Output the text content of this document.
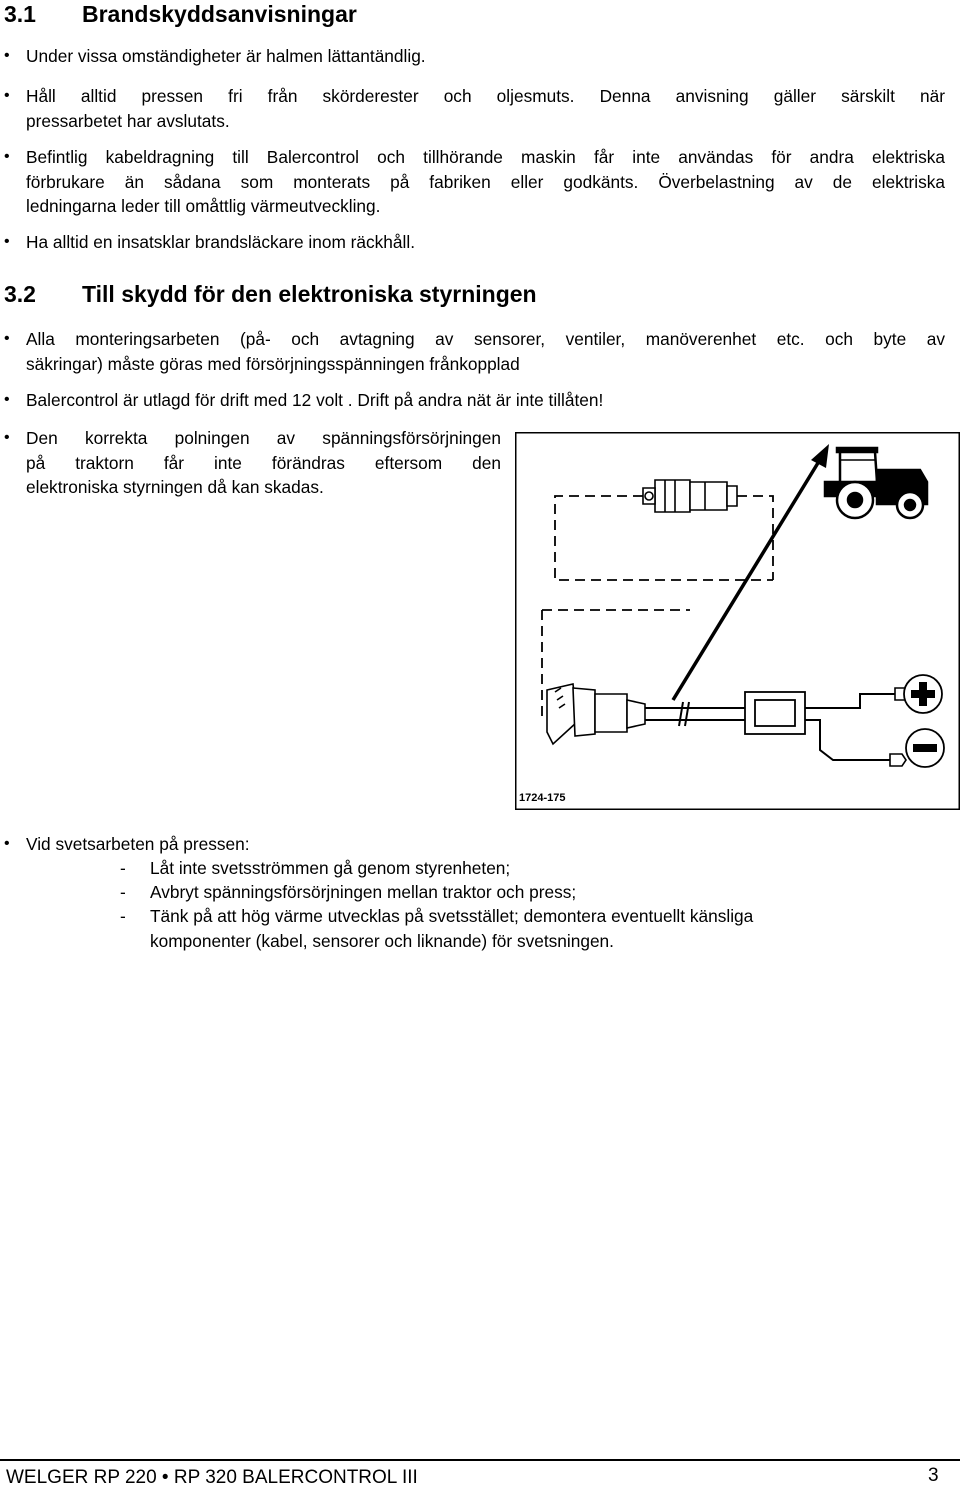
3.1 Brandskyddsanvisningar
• Under vissa omständigheter är halmen lättantändlig.
• Håll alltid pressen fri från skörderester och oljesmuts. Denna anvisning gäller särskilt när
pressarbetet har avslutats.
• Befintlig kabeldragning till Balercontrol och tillhörande maskin får inte användas för andra elektriska
förbrukare än sådana som monterats på fabriken eller godkänts. Överbelastning av de elektriska
ledningarna leder till omåttlig värmeutveckling.
• Ha alltid en insatsklar brandsläckare inom räckhåll.
3.2 Till skydd för den elektroniska styrningen
• Alla monteringsarbeten (på- och avtagning av sensorer, ventiler, manöverenhet etc. och byte av
säkringar) måste göras med försörjningsspänningen frånkopplad
• Balercontrol är utlagd för drift med 12 volt . Drift på andra nät är inte tillåten!
• Den korrekta polningen av spänningsförsörjningen
på traktorn får inte förändras eftersom den
elektroniska styrningen då kan skadas.
1724-175
• Vid svetsarbeten på pressen:
- Låt inte svetsströmmen gå genom styrenheten;
- Avbryt spänningsförsörjningen mellan traktor och press;
- Tänk på att hög värme utvecklas på svetsstället; demontera eventuellt känsliga
komponenter (kabel, sensorer och liknande) för svetsningen.
WELGER RP 220 • RP 320 BALERCONTROL III	3
